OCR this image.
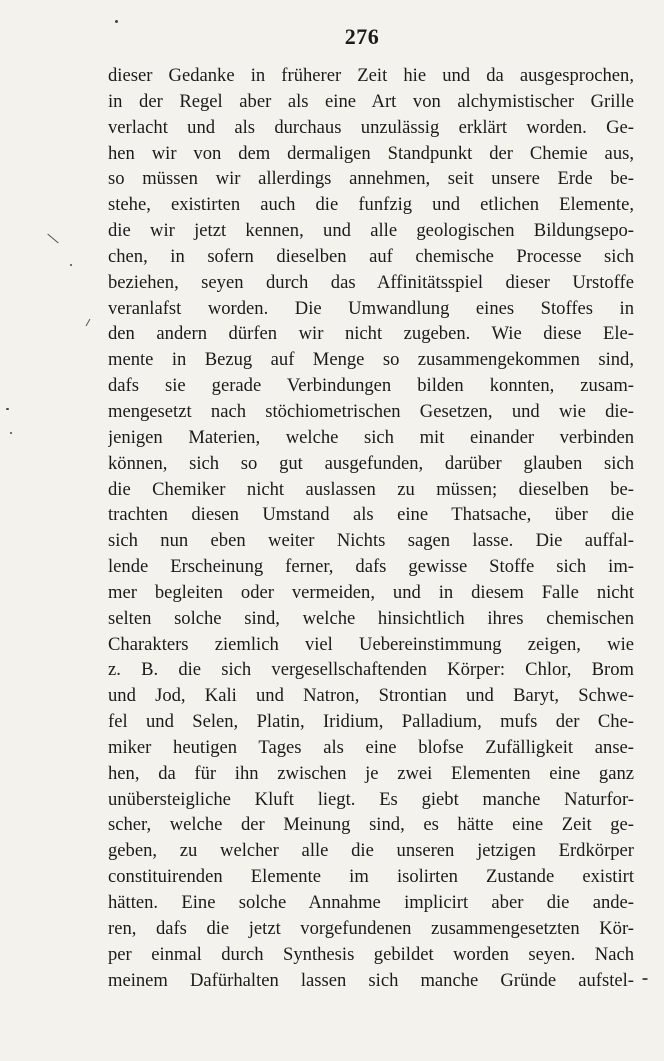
276
dieser Gedanke in früherer Zeit hie und da ausgesprochen,
in der Regel aber als eine Art von alchymistischer Grille
verlacht und als durchaus unzulässig erklärt worden. Ge-
hen wir von dem dermaligen Standpunkt der Chemie aus,
so müssen wir allerdings annehmen, seit unsere Erde be-
stehe, existirten auch die funfzig und etlichen Elemente,
die wir jetzt kennen, und alle geologischen Bildungsepo-
chen, in sofern dieselben auf chemische Processe sich
beziehen, seyen durch das Affinitätsspiel dieser Urstoffe
veranlafst worden. Die Umwandlung eines Stoffes in
den andern dürfen wir nicht zugeben. Wie diese Ele-
mente in Bezug auf Menge so zusammengekommen sind,
dafs sie gerade Verbindungen bilden konnten, zusam-
mengesetzt nach stöchiometrischen Gesetzen, und wie die-
jenigen Materien, welche sich mit einander verbinden
können, sich so gut ausgefunden, darüber glauben sich
die Chemiker nicht auslassen zu müssen; dieselben be-
trachten diesen Umstand als eine Thatsache, über die
sich nun eben weiter Nichts sagen lasse. Die auffal-
lende Erscheinung ferner, dafs gewisse Stoffe sich im-
mer begleiten oder vermeiden, und in diesem Falle nicht
selten solche sind, welche hinsichtlich ihres chemischen
Charakters ziemlich viel Uebereinstimmung zeigen, wie
z. B. die sich vergesellschaftenden Körper: Chlor, Brom
und Jod, Kali und Natron, Strontian und Baryt, Schwe-
fel und Selen, Platin, Iridium, Palladium, mufs der Che-
miker heutigen Tages als eine blofse Zufälligkeit anse-
hen, da für ihn zwischen je zwei Elementen eine ganz
unübersteigliche Kluft liegt. Es giebt manche Naturfor-
scher, welche der Meinung sind, es hätte eine Zeit ge-
geben, zu welcher alle die unseren jetzigen Erdkörper
constituirenden Elemente im isolirten Zustande existirt
hätten. Eine solche Annahme implicirt aber die andе-
ren, dafs die jetzt vorgefundenen zusammengesetzten Kör-
per einmal durch Synthesis gebildet worden seyen. Nach
meinem Dafürhalten lassen sich manche Gründe aufstel-
